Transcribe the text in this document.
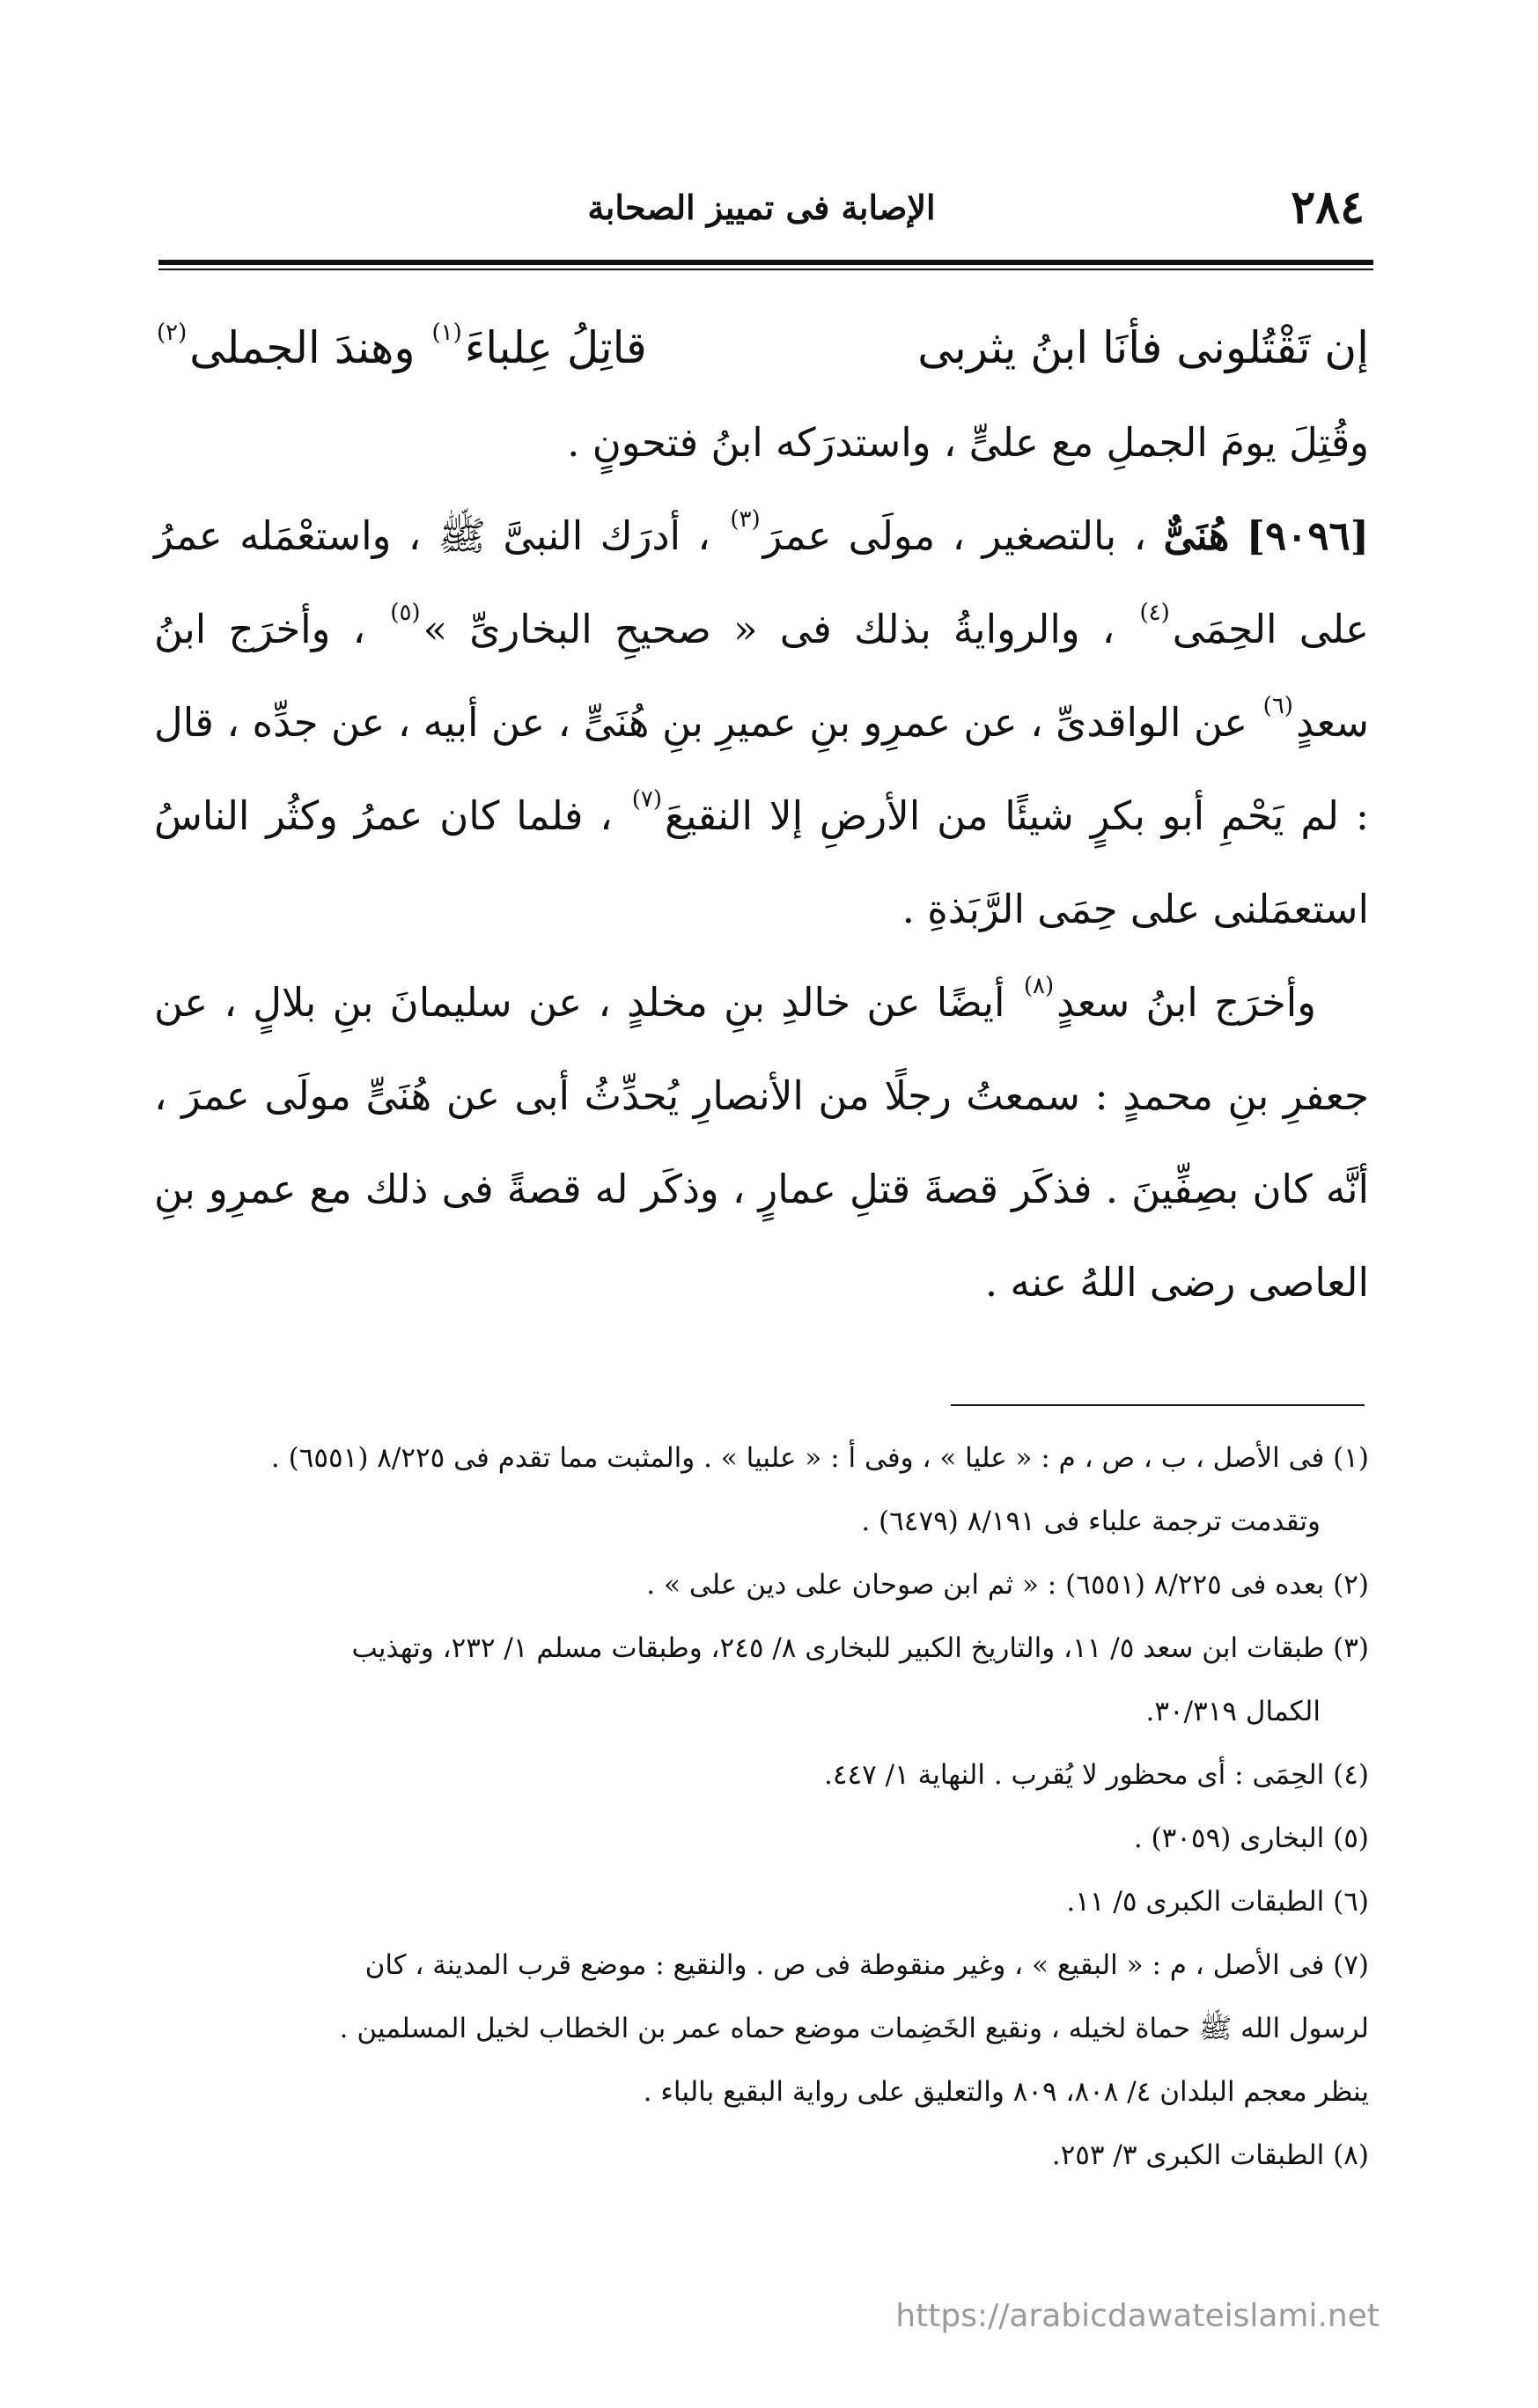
٢٨٤
الإصابة فى تمييز الصحابة
إن تَقْتُلونى فأنَا ابنُ يثربى
قاتِلُ عِلباءَ$^{(١)}$ وهندَ الجملى$^{(٢)}$

وقُتِلَ يومَ الجملِ مع علىٍّ ، واستدرَكه ابنُ فتحونٍ .

[٩٠٩٦] هُنَىٌّ ، بالتصغير ، مولَى عمرَ$^{(٣)}$ ، أدرَك النبىَّ ﷺ ، واستعْمَله عمرُ على الحِمَى$^{(٤)}$ ، والروايةُ بذلك فى « صحيحِ البخارىِّ »$^{(٥)}$ ، وأخرَج ابنُ سعدٍ$^{(٦)}$ عن الواقدىِّ ، عن عمرِو بنِ عميرِ بنِ هُنَىٍّ ، عن أبيه ، عن جدِّه ، قال : لم يَحْمِ أبو بكرٍ شيئًا من الأرضِ إلا النقيعَ$^{(٧)}$ ، فلما كان عمرُ وكثُر الناسُ استعمَلنى على حِمَى الرَّبَذةِ .

وأخرَج ابنُ سعدٍ$^{(٨)}$ أيضًا عن خالدِ بنِ مخلدٍ ، عن سليمانَ بنِ بلالٍ ، عن جعفرِ بنِ محمدٍ : سمعتُ رجلًا من الأنصارِ يُحدِّثُ أبى عن هُنَىٍّ مولَى عمرَ ، أنَّه كان بصِفِّينَ . فذكَر قصةَ قتلِ عمارٍ ، وذكَر له قصةً فى ذلك مع عمرِو بنِ العاصى رضى اللهُ عنه .

(١) فى الأصل ، ب ، ص ، م : « عليا » ، وفى أ : « علبيا » . والمثبت مما تقدم فى ٨/٢٢٥ (٦٥٥١) .
وتقدمت ترجمة علباء فى ٨/١٩١ (٦٤٧٩) .

(٢) بعده فى ٨/٢٢٥ (٦٥٥١) : « ثم ابن صوحان على دين على » .

(٣) طبقات ابن سعد ٥/ ١١، والتاريخ الكبير للبخارى ٨/ ٢٤٥، وطبقات مسلم ١/ ٢٣٢، وتهذيب
الكمال ٣٠/٣١٩.

(٤) الحِمَى : أى محظور لا يُقرب . النهاية ١/ ٤٤٧.

(٥) البخارى (٣٠٥٩) .

(٦) الطبقات الكبرى ٥/ ١١.

(٧) فى الأصل ، م : « البقيع » ، وغير منقوطة فى ص . والنقيع : موضع قرب المدينة ، كان
لرسول الله ﷺ حماة لخيله ، ونقيع الخَضِمات موضع حماه عمر بن الخطاب لخيل المسلمين .
ينظر معجم البلدان ٤/ ٨٠٨، ٨٠٩ والتعليق على رواية البقيع بالباء .

(٨) الطبقات الكبرى ٣/ ٢٥٣.

https://arabicdawateislami.net
